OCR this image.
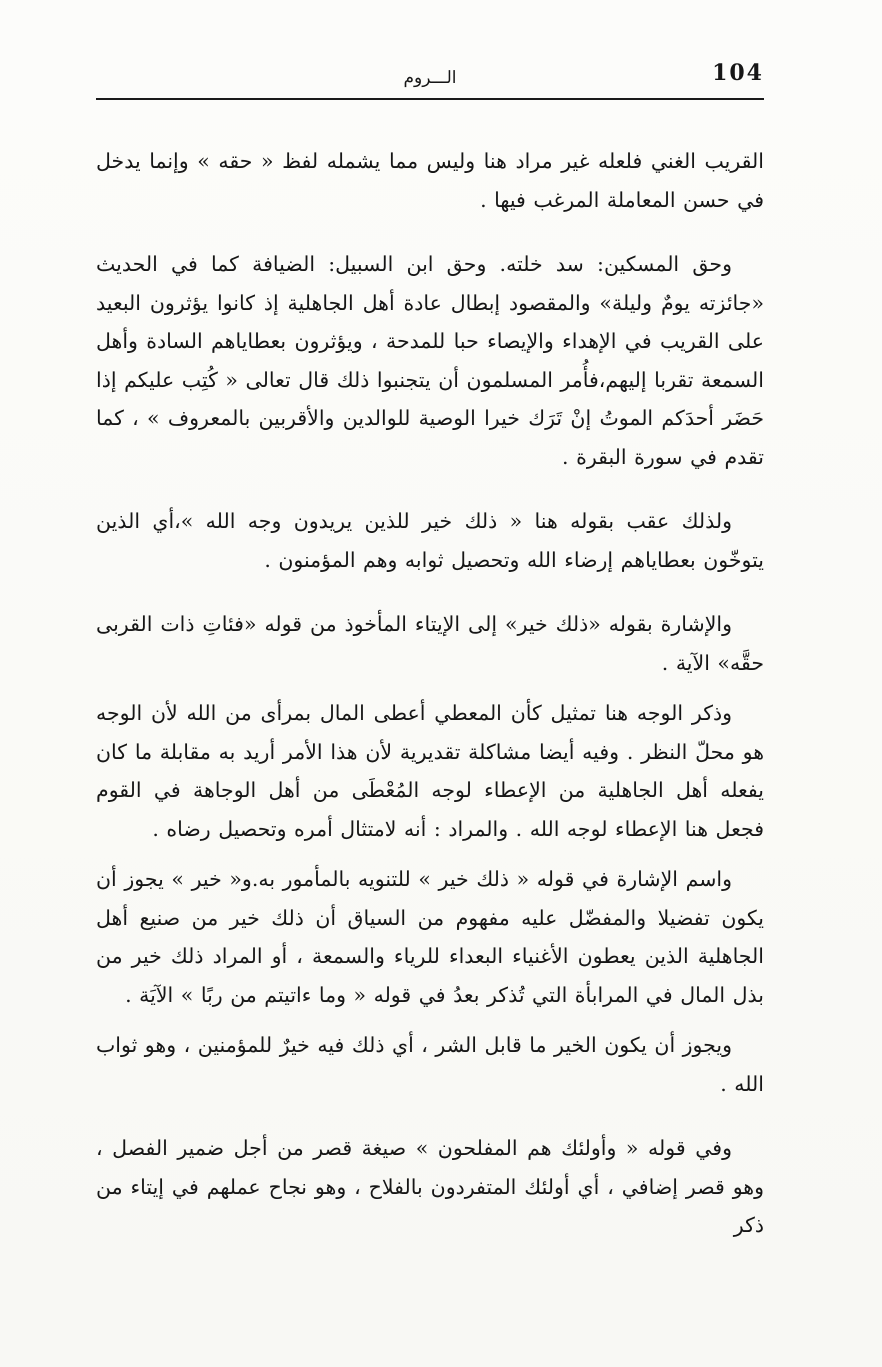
104
الـــروم

القريب الغني فلعله غير مراد هنا وليس مما يشمله لفظ « حقه » وإنما يدخل في حسن المعاملة المرغب فيها .

وحق المسكين: سد خلته. وحق ابن السبيل: الضيافة كما في الحديث «جائزته يومٌ وليلة» والمقصود إبطال عادة أهل الجاهلية إذ كانوا يؤثرون البعيد على القريب في الإهداء والإيصاء حبا للمدحة ، ويؤثرون بعطاياهم السادة وأهل السمعة تقربا إليهم،فأُمر المسلمون أن يتجنبوا ذلك قال تعالى « كُتِب عليكم إذا حَضَر أحدَكم الموتُ إنْ تَرَك خيرا الوصية للوالدين والأقربين بالمعروف » ، كما تقدم في سورة البقرة .

ولذلك عقب بقوله هنا « ذلك خير للذين يريدون وجه الله »،أي الذين يتوخّون بعطاياهم إرضاء الله وتحصيل ثوابه وهم المؤمنون .

والإشارة بقوله «ذلك خير» إلى الإيتاء المأخوذ من قوله «فئاتِ ذات القربى حقَّه» الآية .

وذكر الوجه هنا تمثيل كأن المعطي أعطى المال بمرأى من الله لأن الوجه هو محلّ النظر . وفيه أيضا مشاكلة تقديرية لأن هذا الأمر أريد به مقابلة ما كان يفعله أهل الجاهلية من الإعطاء لوجه المُعْطَى من أهل الوجاهة في القوم فجعل هنا الإعطاء لوجه الله . والمراد : أنه لامتثال أمره وتحصيل رضاه .

واسم الإشارة في قوله « ذلك خير » للتنويه بالمأمور به.و« خير » يجوز أن يكون تفضيلا والمفضّل عليه مفهوم من السياق أن ذلك خير من صنيع أهل الجاهلية الذين يعطون الأغنياء البعداء للرياء والسمعة ، أو المراد ذلك خير من بذل المال في المرابأة التي تُذكر بعدُ في قوله « وما ءاتيتم من ربًا » الآيَة .

ويجوز أن يكون الخير ما قابل الشر ، أي ذلك فيه خيرٌ للمؤمنين ، وهو ثواب الله .

وفي قوله « وأولئك هم المفلحون » صيغة قصر من أجل ضمير الفصل ، وهو قصر إضافي ، أي أولئك المتفردون بالفلاح ، وهو نجاح عملهم في إيتاء من ذكر
